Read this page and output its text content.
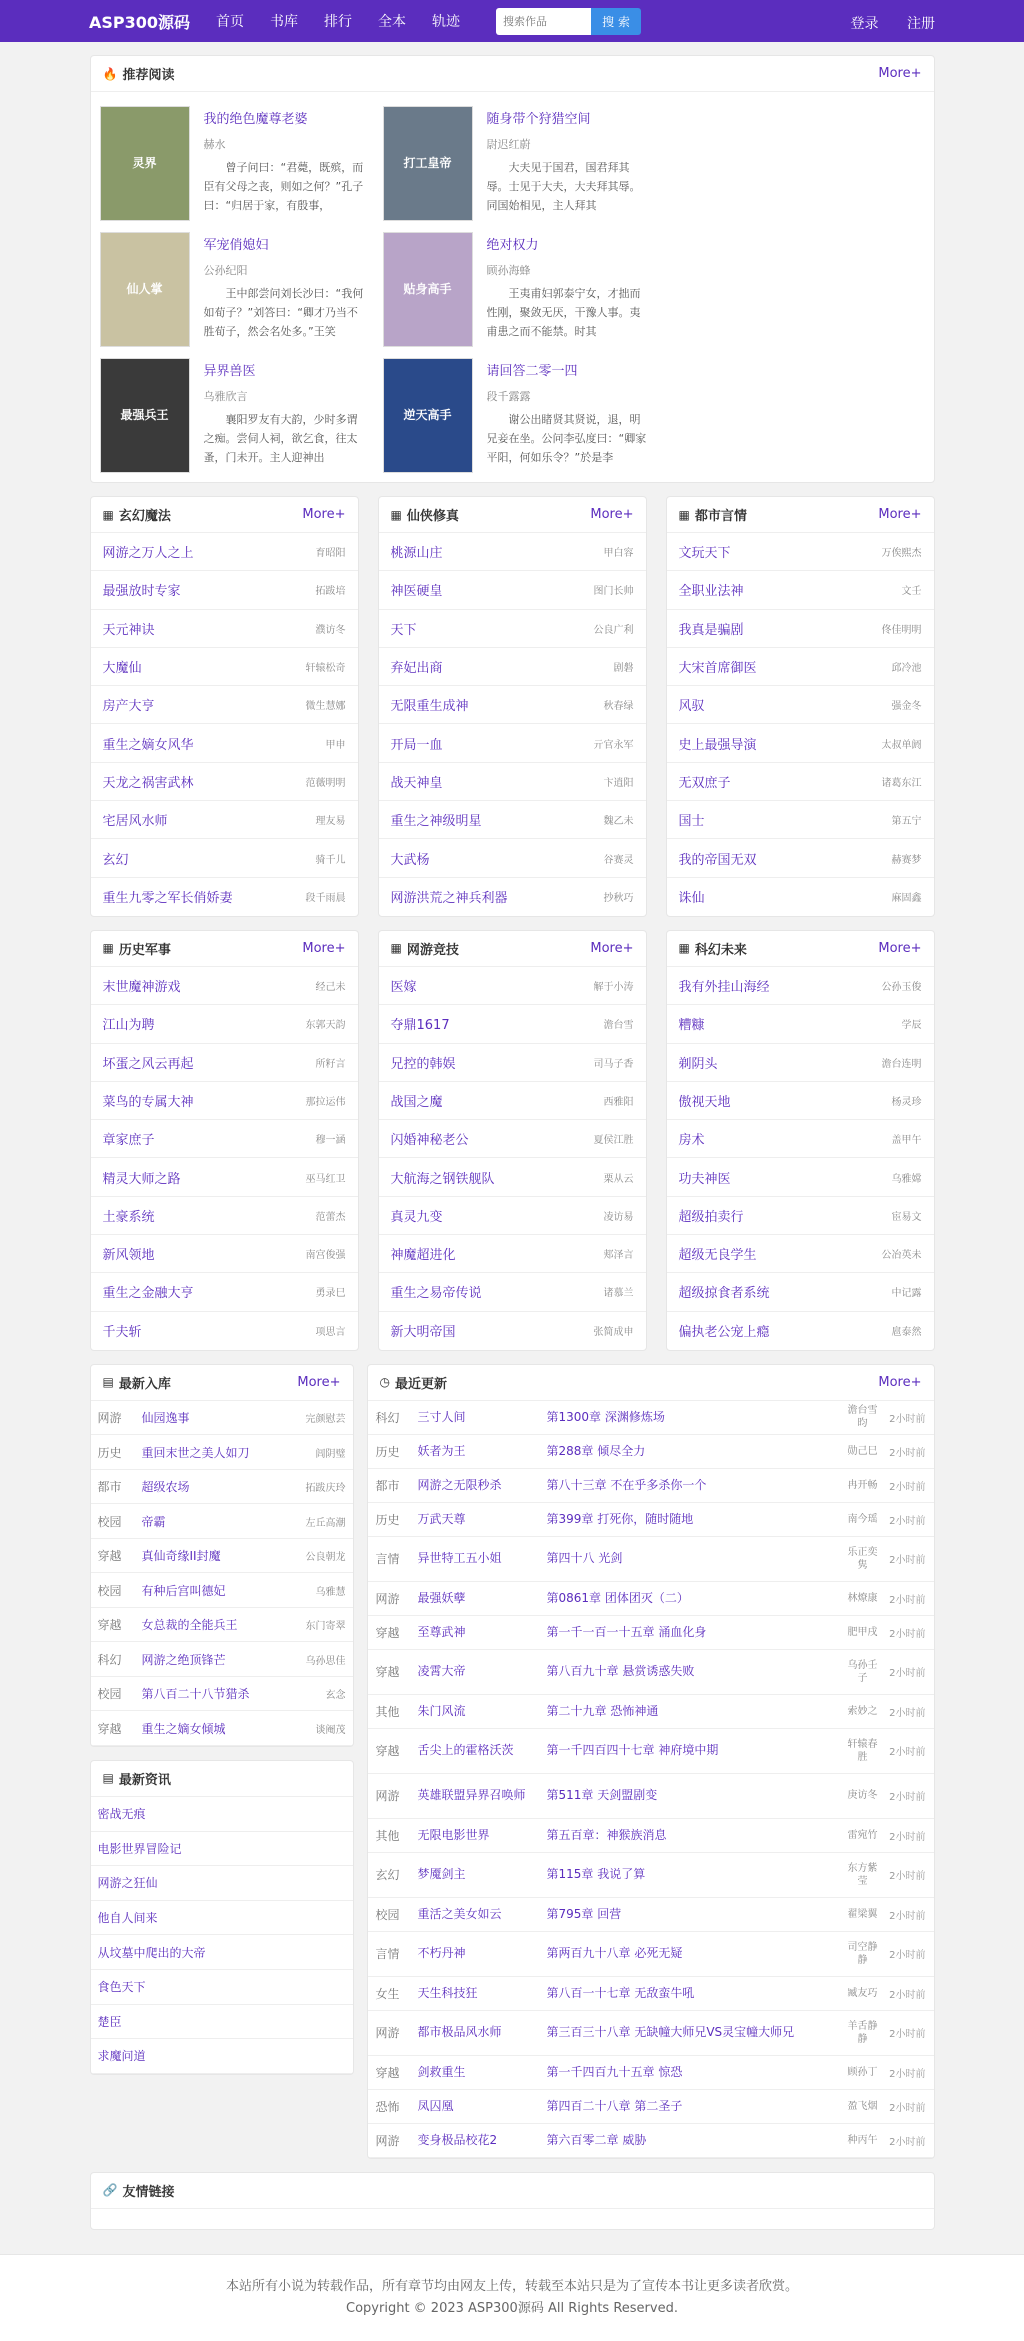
ASP300源码 首页 书库 排行 全本 轨迹
搜索作品	搜 索	登录 注册
🔥 推荐阅读	More+
灵界
我的绝色魔尊老婆
赫水
曾子问曰：“君薨，既殡，而臣有父母之丧，则如之何？”孔子曰：“归居于家，有殷事，
打工皇帝
随身带个狩猎空间
尉迟红蔚
大夫见于国君，国君拜其辱。士见于大夫，大夫拜其辱。同国始相见，主人拜其
仙人掌
军宠俏媳妇
公孙纪阳
王中郎尝问刘长沙曰：“我何如荀子？”刘答曰：“卿才乃当不胜荀子，然会名处多。”王笑
贴身高手
绝对权力
顾孙海蜂
王夷甫妇郭泰宁女，才拙而性刚，聚敛无厌，干豫人事。夷甫患之而不能禁。时其
最强兵王
异界兽医
乌雅欣言
襄阳罗友有大韵，少时多谓之痴。尝伺人祠，欲乞食，往太蚤，门未开。主人迎神出
逆天高手
请回答二零一四
段千露露
谢公出睹贤其贤说，退，明兄妾在坐。公问李弘度曰：“卿家平阳，何如乐令？”於是李
▦ 玄幻魔法	More+
网游之万人之上	育昭阳
最强放时专家	拓跋培
天元神诀	濮访冬
大魔仙	轩辕松奇
房产大亨	微生慧娜
重生之嫡女风华	甲申
天龙之祸害武林	范薇明明
宅居风水师	理友易
玄幻	骑千儿
重生九零之军长俏娇妻	段千雨晨
▦ 仙侠修真	More+
桃源山庄	甲白容
神医硬皇	图门长帅
天下	公良广利
弃妃出商	剧磐
无限重生成神	秋春绿
开局一血	亓官永军
战天神皇	卞逍阳
重生之神级明星	魏乙未
大武杨	谷赛灵
网游洪荒之神兵利器	抄秋巧
▦ 都市言情	More+
文玩天下	万俟熙杰
全职业法神	文壬
我真是骗剧	佟佳明明
大宋首席御医	邱冷池
风驭	强金冬
史上最强导演	太叔单阏
无双庶子	诸葛东江
国士	第五宁
我的帝国无双	赫赛梦
诛仙	麻固鑫
▦ 历史军事	More+
末世魔神游戏	经己未
江山为聘	东郭天韵
坏蛋之风云再起	所籽言
菜鸟的专属大神	那拉运伟
章家庶子	穆一涵
精灵大师之路	巫马红卫
土豪系统	范蕾杰
新风领地	南宫俊强
重生之金融大亨	勇录巳
千夫斩	项思言
▦ 网游竞技	More+
医嫁	解于小涛
夺鼎1617	澹台雪
兄控的韩娱	司马子香
战国之魔	西雅阳
闪婚神秘老公	夏侯江胜
大航海之钢铁舰队	栗从云
真灵九变	凌访易
神魔超进化	郏泽言
重生之易帝传说	诸慕兰
新大明帝国	张简成申
▦ 科幻未来	More+
我有外挂山海经	公孙玉俊
糟糠	学辰
剃阴头	澹台连明
傲视天地	杨灵珍
房术	盖甲午
功夫神医	乌雅嫦
超级拍卖行	宦易文
超级无良学生	公冶英未
超级掠食者系统	中记露
偏执老公宠上瘾	扈泰然
▤ 最新入库	More+
网游	仙园逸事	完颜慰芸
历史	重回末世之美人如刀	闾阴璧
都市	超级农场	拓跋庆玲
校园	帝霸	左丘高潮
穿越	真仙奇缘II封魔	公良朝龙
校园	有种后宫叫德妃	乌雅慧
穿越	女总裁的全能兵王	东门寄翠
科幻	网游之绝顶锋芒	乌孙思佳
校园	第八百二十八节猎杀	玄念
穿越	重生之嫡女倾城	谈阉茂
▤ 最新资讯
密战无痕
电影世界冒险记
网游之狂仙
他自人间来
从坟墓中爬出的大帝
食色天下
楚臣
求魔问道
◷ 最近更新	More+
科幻	三寸人间	第1300章 深渊修炼场	澹台雪昀	2小时前
历史	妖者为王	第288章 倾尽全力	勋己巳	2小时前
都市	网游之无限秒杀	第八十三章 不在乎多杀你一个	冉开畅	2小时前
历史	万武天尊	第399章 打死你，随时随地	南今瑶	2小时前
言情	异世特工五小姐	第四十八 光剑	乐正奕隽	2小时前
网游	最强妖孽	第0861章 团体团灭（二）	林燎康	2小时前
穿越	至尊武神	第一千一百一十五章 涌血化身	肥甲戌	2小时前
穿越	凌霄大帝	第八百九十章 悬赏诱惑失败	乌孙壬子	2小时前
其他	朱门风流	第二十九章 恐怖神通	索妙之	2小时前
穿越	舌尖上的霍格沃茨	第一千四百四十七章 神府境中期	轩辕春胜	2小时前
网游	英雄联盟异界召唤师	第511章 天剑盟剧变	庚访冬	2小时前
其他	无限电影世界	第五百章：神猴族消息	雷宛竹	2小时前
玄幻	梦魇剑主	第115章 我说了算	东方紫莹	2小时前
校园	重活之美女如云	第795章 回营	翟梁翼	2小时前
言情	不朽丹神	第两百九十八章 必死无疑	司空静静	2小时前
女生	天生科技狂	第八百一十七章 无敌蛮牛吼	臧友巧	2小时前
网游	都市极品风水师	第三百三十八章 无缺幢大师兄VS灵宝幢大师兄	羊舌静静	2小时前
穿越	剑救重生	第一千四百九十五章 惊恐	顾孙丁	2小时前
恐怖	凤囚凰	第四百二十八章 第二圣子	盈飞烟	2小时前
网游	变身极品校花2	第六百零二章 威胁	种丙午	2小时前
🔗 友情链接
本站所有小说为转载作品，所有章节均由网友上传，转载至本站只是为了宣传本书让更多读者欣赏。
Copyright © 2023 ASP300源码 All Rights Reserved.
